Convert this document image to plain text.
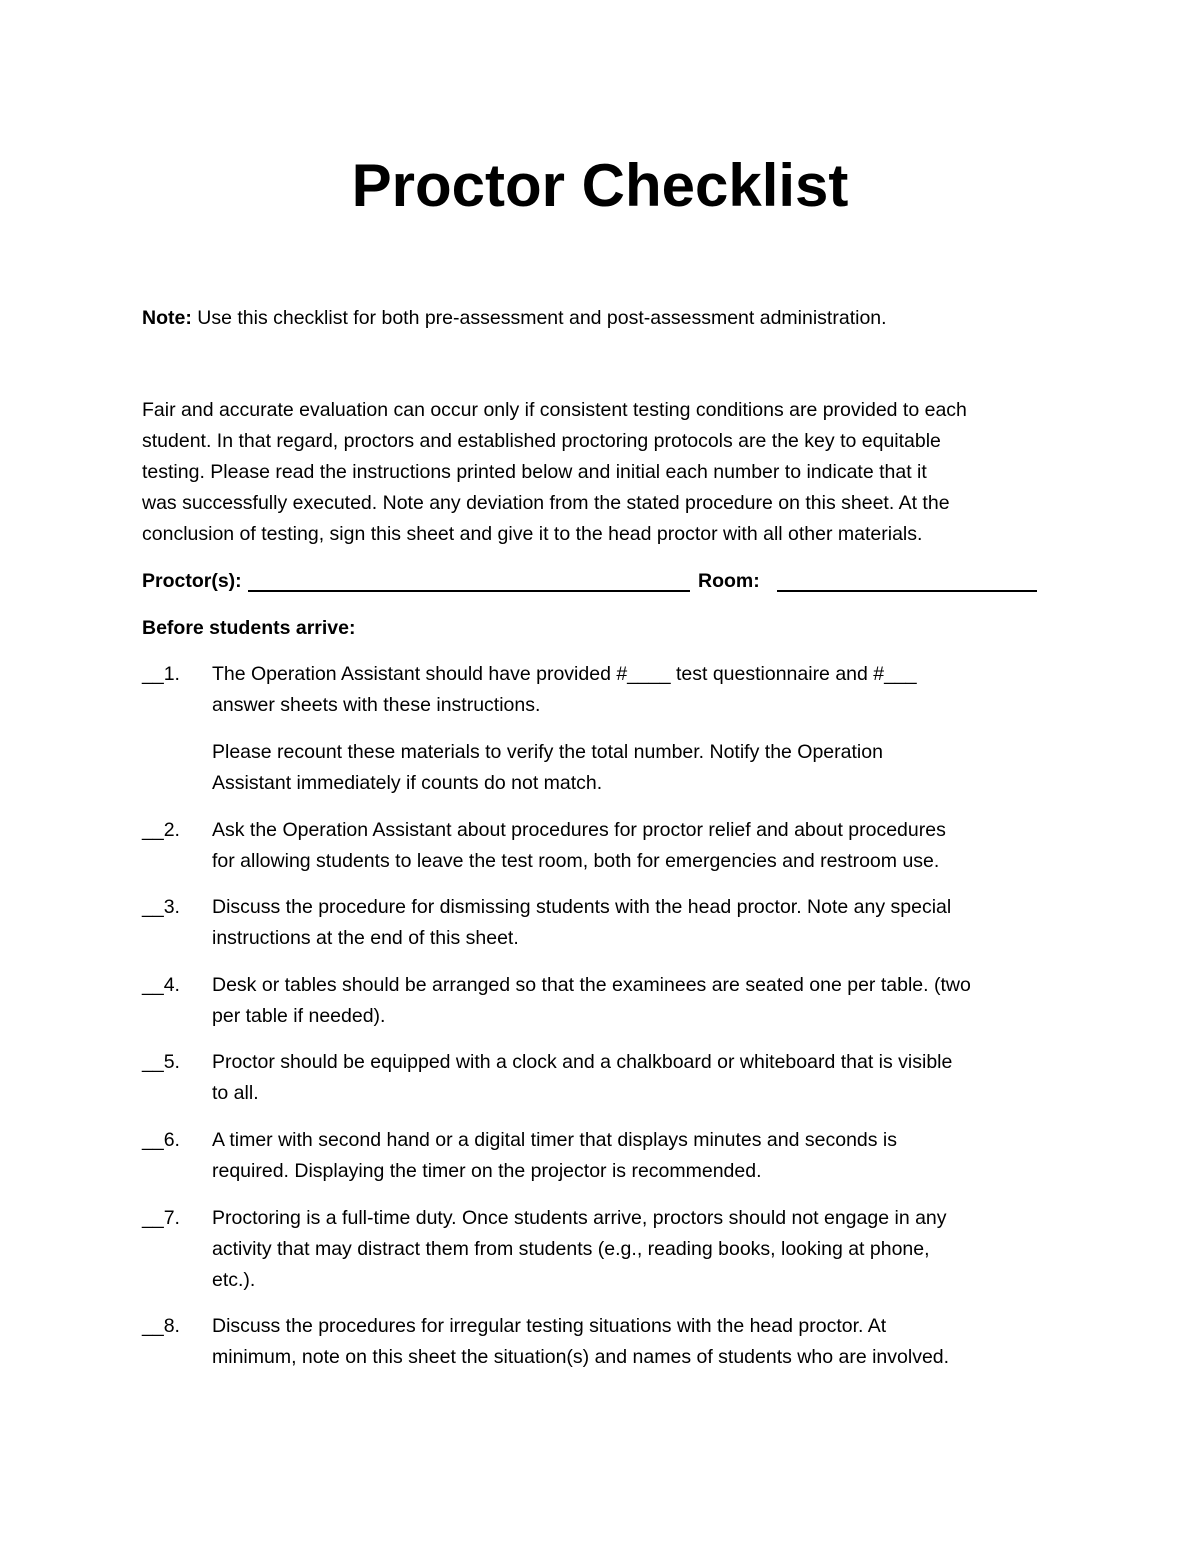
Proctor Checklist
Note: Use this checklist for both pre-assessment and post-assessment administration.
Fair and accurate evaluation can occur only if consistent testing conditions are provided to each
student. In that regard, proctors and established proctoring protocols are the key to equitable
testing. Please read the instructions printed below and initial each number to indicate that it
was successfully executed. Note any deviation from the stated procedure on this sheet. At the
conclusion of testing, sign this sheet and give it to the head proctor with all other materials.
Proctor(s):	Room:
Before students arrive:
__1. The Operation Assistant should have provided #____ test questionnaire and #___
answer sheets with these instructions.
Please recount these materials to verify the total number. Notify the Operation
Assistant immediately if counts do not match.
__2. Ask the Operation Assistant about procedures for proctor relief and about procedures
for allowing students to leave the test room, both for emergencies and restroom use.
__3. Discuss the procedure for dismissing students with the head proctor. Note any special
instructions at the end of this sheet.
__4. Desk or tables should be arranged so that the examinees are seated one per table. (two
per table if needed).
__5. Proctor should be equipped with a clock and a chalkboard or whiteboard that is visible
to all.
__6. A timer with second hand or a digital timer that displays minutes and seconds is
required. Displaying the timer on the projector is recommended.
__7. Proctoring is a full-time duty. Once students arrive, proctors should not engage in any
activity that may distract them from students (e.g., reading books, looking at phone,
etc.).
__8. Discuss the procedures for irregular testing situations with the head proctor. At
minimum, note on this sheet the situation(s) and names of students who are involved.
